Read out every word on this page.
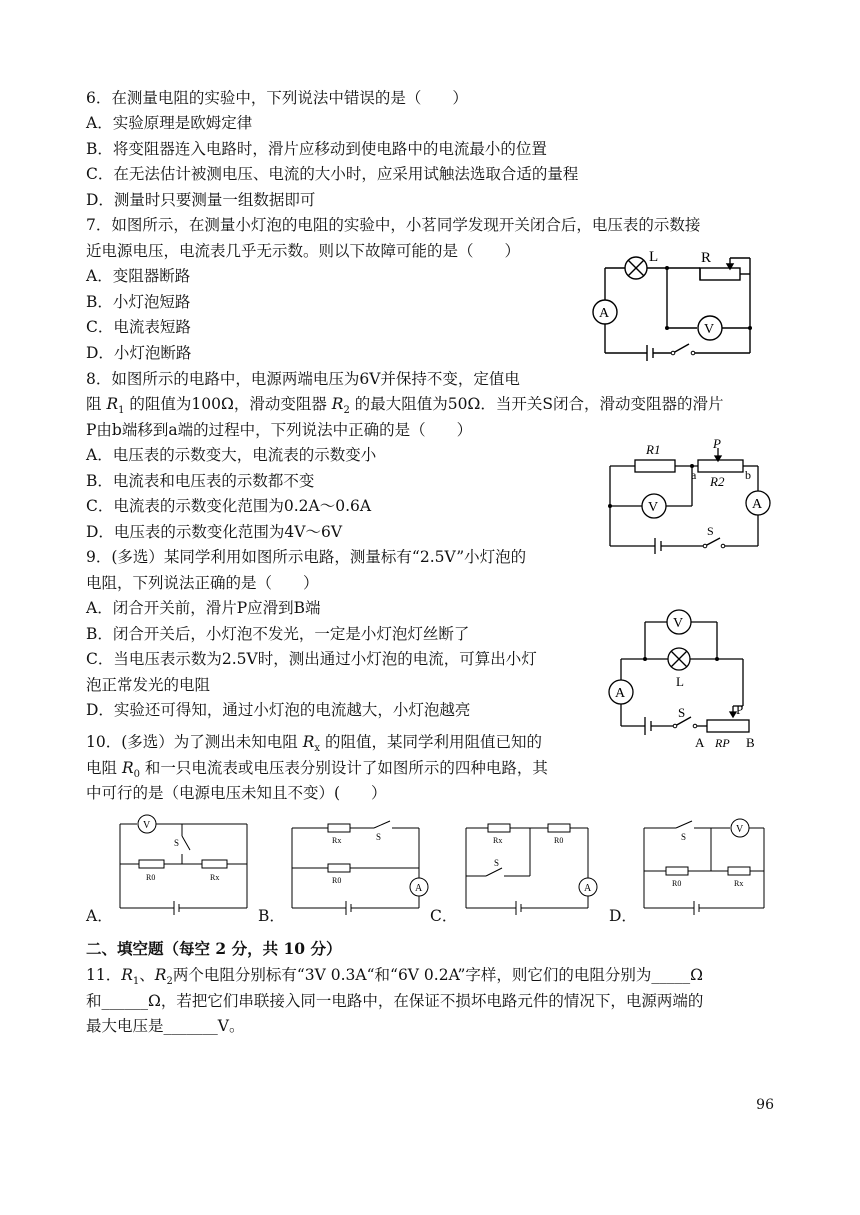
6．在测量电阻的实验中，下列说法中错误的是（　　）
A．实验原理是欧姆定律
B．将变阻器连入电路时，滑片应移动到使电路中的电流最小的位置
C．在无法估计被测电压、电流的大小时，应采用试触法选取合适的量程
D．测量时只要测量一组数据即可
7．如图所示，在测量小灯泡的电阻的实验中，小茗同学发现开关闭合后，电压表的示数接
近电源电压，电流表几乎无示数。则以下故障可能的是（　　）
A．变阻器断路
B．小灯泡短路
C．电流表短路
D．小灯泡断路
L	R
A
V
8．如图所示的电路中，电源两端电压为6V并保持不变，定值电
阻 $R_1$ 的阻值为100Ω，滑动变阻器 $R_2$ 的最大阻值为50Ω．当开关S闭合，滑动变阻器的滑片
P由b端移到a端的过程中，下列说法中正确的是（　　）
A．电压表的示数变大，电流表的示数变小
B．电流表和电压表的示数都不变
C．电流表的示数变化范围为0.2A～0.6A
D．电压表的示数变化范围为4V～6V
R1	P
a	b
R2
V	A
S
9．(多选）某同学利用如图所示电路，测量标有“2.5V”小灯泡的
电阻，下列说法正确的是（　　）
A．闭合开关前，滑片P应滑到B端
B．闭合开关后，小灯泡不发光，一定是小灯泡灯丝断了
C．当电压表示数为2.5V时，测出通过小灯泡的电流，可算出小灯
泡正常发光的电阻
D．实验还可得知，通过小灯泡的电流越大，小灯泡越亮
V
L
A
S	P
A RP B
10．(多选）为了测出未知电阻 $R_x$ 的阻值，某同学利用阻值已知的
电阻 $R_0$ 和一只电流表或电压表分别设计了如图所示的四种电路，其
中可行的是（电源电压未知且不变）(　　）
V
S
R0	Rx
A．
Rx	S
R0
A
B．
Rx	R0
S
A
C．
S
V
R0	Rx
D．
二、填空题（每空 2 分，共 10 分）
11．$R_1$、$R_2$两个电阻分别标有“3V 0.3A“和“6V 0.2A”字样，则它们的电阻分别为_____Ω
和______Ω，若把它们串联接入同一电路中，在保证不损坏电路元件的情况下，电源两端的
最大电压是_______V。
96
